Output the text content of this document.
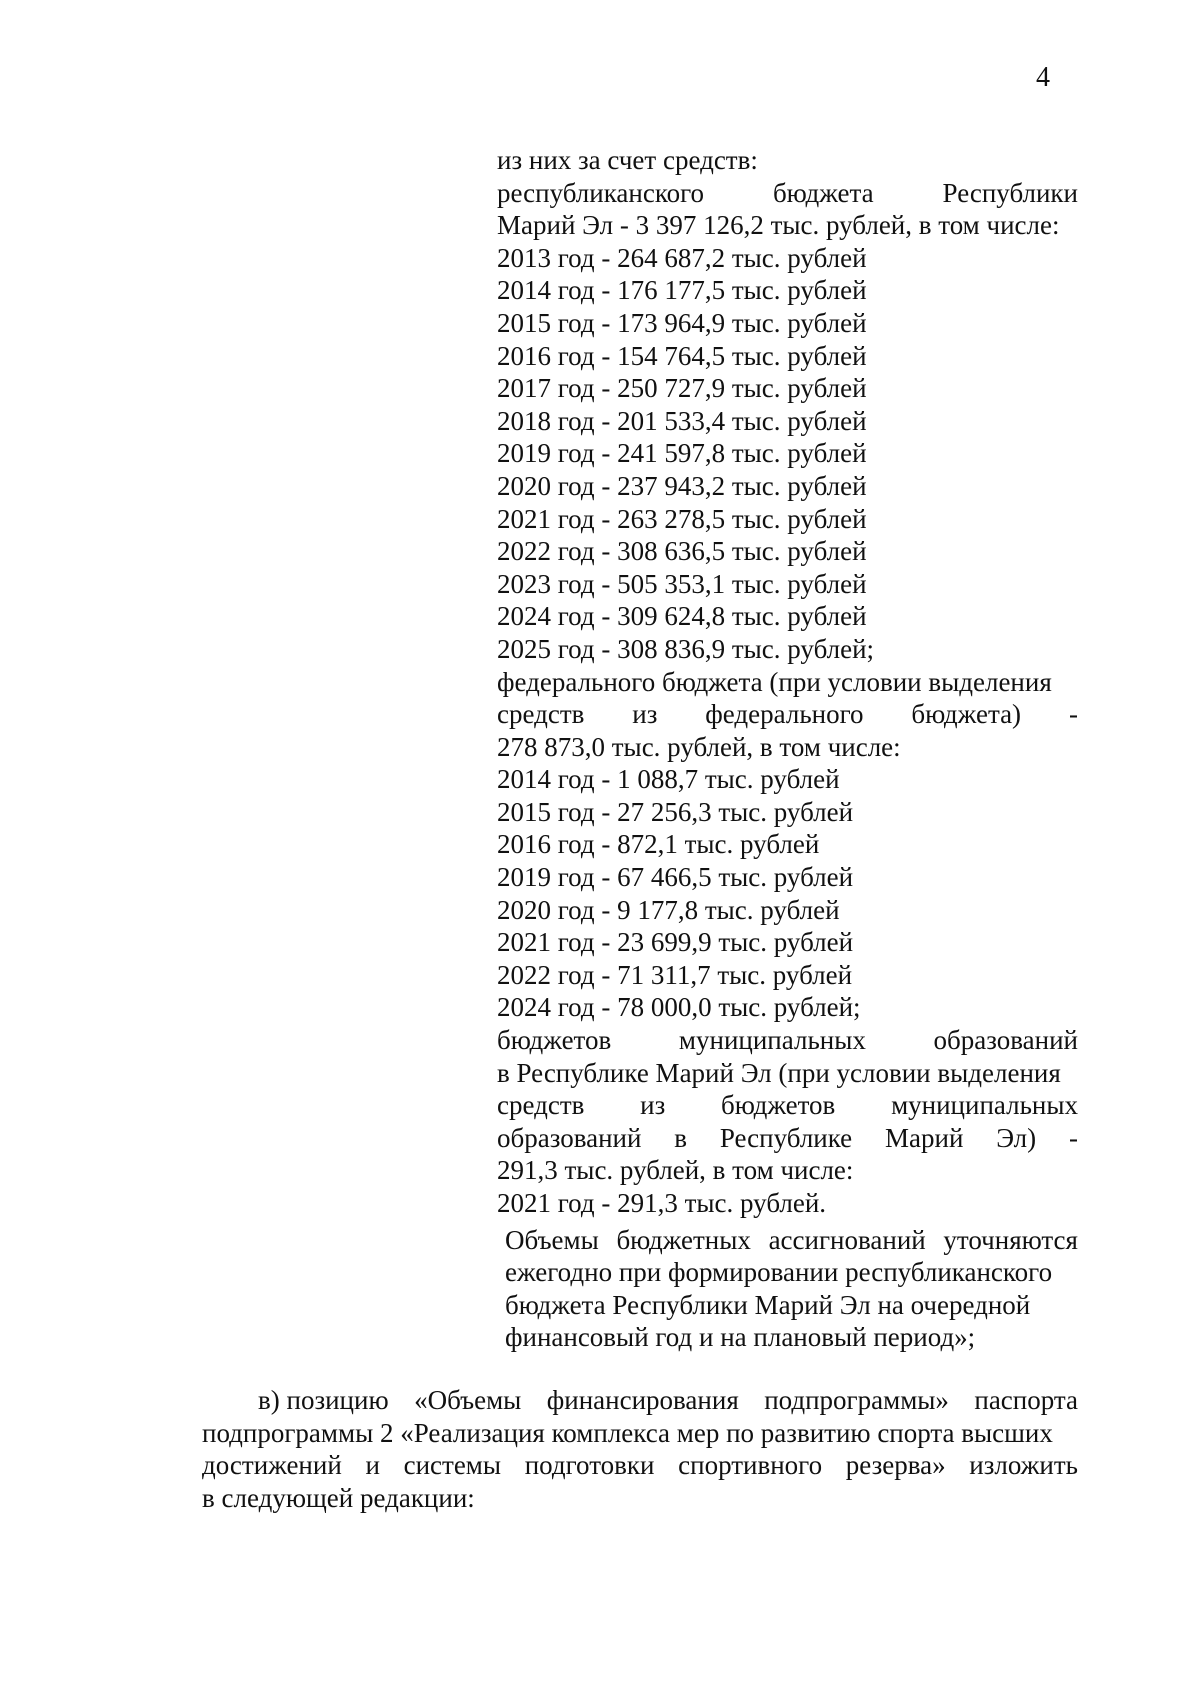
4
из них за счет средств:
республиканского	бюджета	Республики
Марий Эл - 3 397 126,2 тыс. рублей, в том числе:
2013 год - 264 687,2 тыс. рублей
2014 год - 176 177,5 тыс. рублей
2015 год - 173 964,9 тыс. рублей
2016 год - 154 764,5 тыс. рублей
2017 год - 250 727,9 тыс. рублей
2018 год - 201 533,4 тыс. рублей
2019 год - 241 597,8 тыс. рублей
2020 год - 237 943,2 тыс. рублей
2021 год - 263 278,5 тыс. рублей
2022 год - 308 636,5 тыс. рублей
2023 год - 505 353,1 тыс. рублей
2024 год - 309 624,8 тыс. рублей
2025 год - 308 836,9 тыс. рублей;
федерального бюджета (при условии выделения
средств из федерального бюджета) -
278 873,0 тыс. рублей, в том числе:
2014 год - 1 088,7 тыс. рублей
2015 год - 27 256,3 тыс. рублей
2016 год - 872,1 тыс. рублей
2019 год - 67 466,5 тыс. рублей
2020 год - 9 177,8 тыс. рублей
2021 год - 23 699,9 тыс. рублей
2022 год - 71 311,7 тыс. рублей
2024 год - 78 000,0 тыс. рублей;
бюджетов	муниципальных	образований
в Республике Марий Эл (при условии выделения
средств из бюджетов муниципальных
образований в Республике Марий Эл) -
291,3 тыс. рублей, в том числе:
2021 год - 291,3 тыс. рублей.
Объемы бюджетных ассигнований уточняются
ежегодно при формировании республиканского
бюджета Республики Марий Эл на очередной
финансовый год и на плановый период»;
в) позицию «Объемы финансирования подпрограммы» паспорта
подпрограммы 2 «Реализация комплекса мер по развитию спорта высших
достижений и системы подготовки спортивного резерва» изложить
в следующей редакции:
